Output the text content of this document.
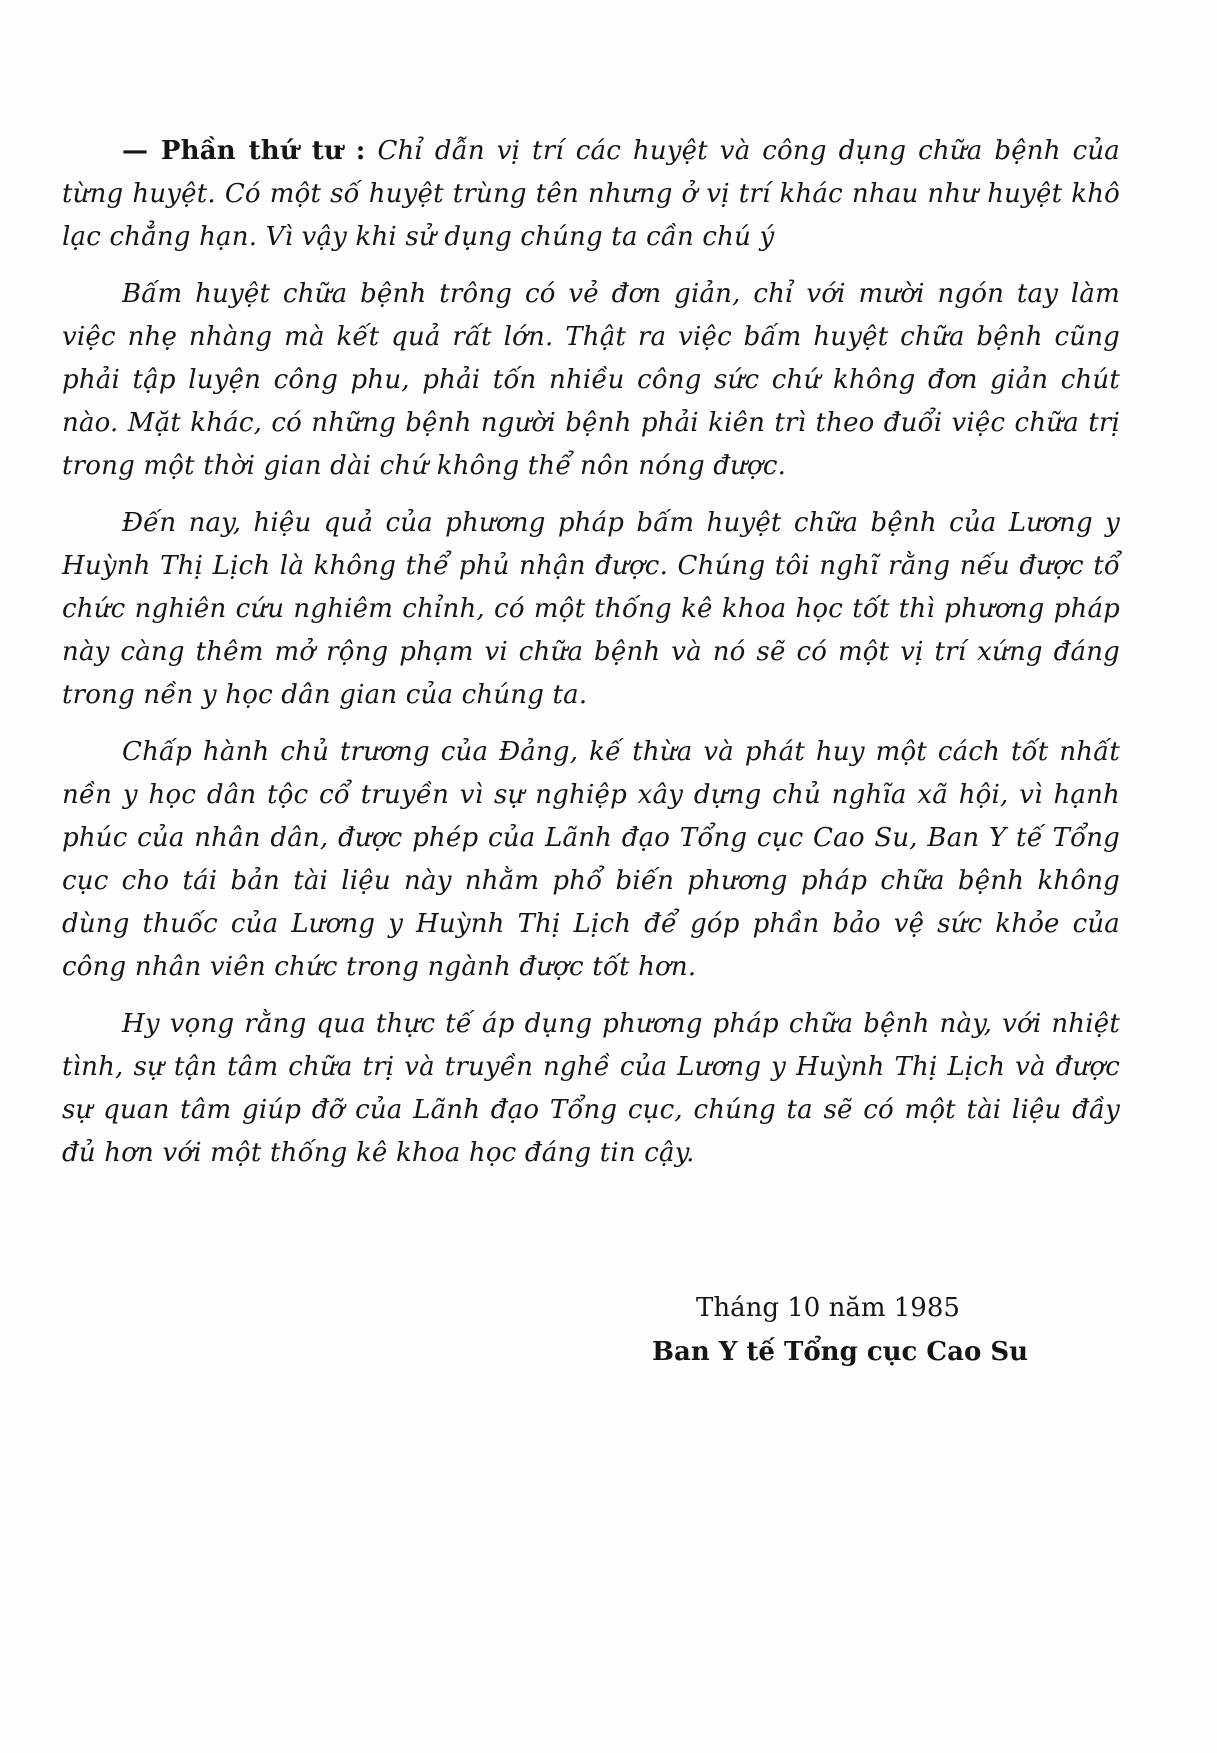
— Phần thứ tư : Chỉ dẫn vị trí các huyệt và công dụng chữa bệnh của từng huyệt. Có một số huyệt trùng tên nhưng ở vị trí khác nhau như huyệt khô lạc chẳng hạn. Vì vậy khi sử dụng chúng ta cần chú ý

Bấm huyệt chữa bệnh trông có vẻ đơn giản, chỉ với mười ngón tay làm việc nhẹ nhàng mà kết quả rất lớn. Thật ra việc bấm huyệt chữa bệnh cũng phải tập luyện công phu, phải tốn nhiều công sức chứ không đơn giản chút nào. Mặt khác, có những bệnh người bệnh phải kiên trì theo đuổi việc chữa trị trong một thời gian dài chứ không thể nôn nóng được.

Đến nay, hiệu quả của phương pháp bấm huyệt chữa bệnh của Lương y Huỳnh Thị Lịch là không thể phủ nhận được. Chúng tôi nghĩ rằng nếu được tổ chức nghiên cứu nghiêm chỉnh, có một thống kê khoa học tốt thì phương pháp này càng thêm mở rộng phạm vi chữa bệnh và nó sẽ có một vị trí xứng đáng trong nền y học dân gian của chúng ta.

Chấp hành chủ trương của Đảng, kế thừa và phát huy một cách tốt nhất nền y học dân tộc cổ truyền vì sự nghiệp xây dựng chủ nghĩa xã hội, vì hạnh phúc của nhân dân, được phép của Lãnh đạo Tổng cục Cao Su, Ban Y tế Tổng cục cho tái bản tài liệu này nhằm phổ biến phương pháp chữa bệnh không dùng thuốc của Lương y Huỳnh Thị Lịch để góp phần bảo vệ sức khỏe của công nhân viên chức trong ngành được tốt hơn.

Hy vọng rằng qua thực tế áp dụng phương pháp chữa bệnh này, với nhiệt tình, sự tận tâm chữa trị và truyền nghề của Lương y Huỳnh Thị Lịch và được sự quan tâm giúp đỡ của Lãnh đạo Tổng cục, chúng ta sẽ có một tài liệu đầy đủ hơn với một thống kê khoa học đáng tin cậy.

Tháng 10 năm 1985
Ban Y tế Tổng cục Cao Su
